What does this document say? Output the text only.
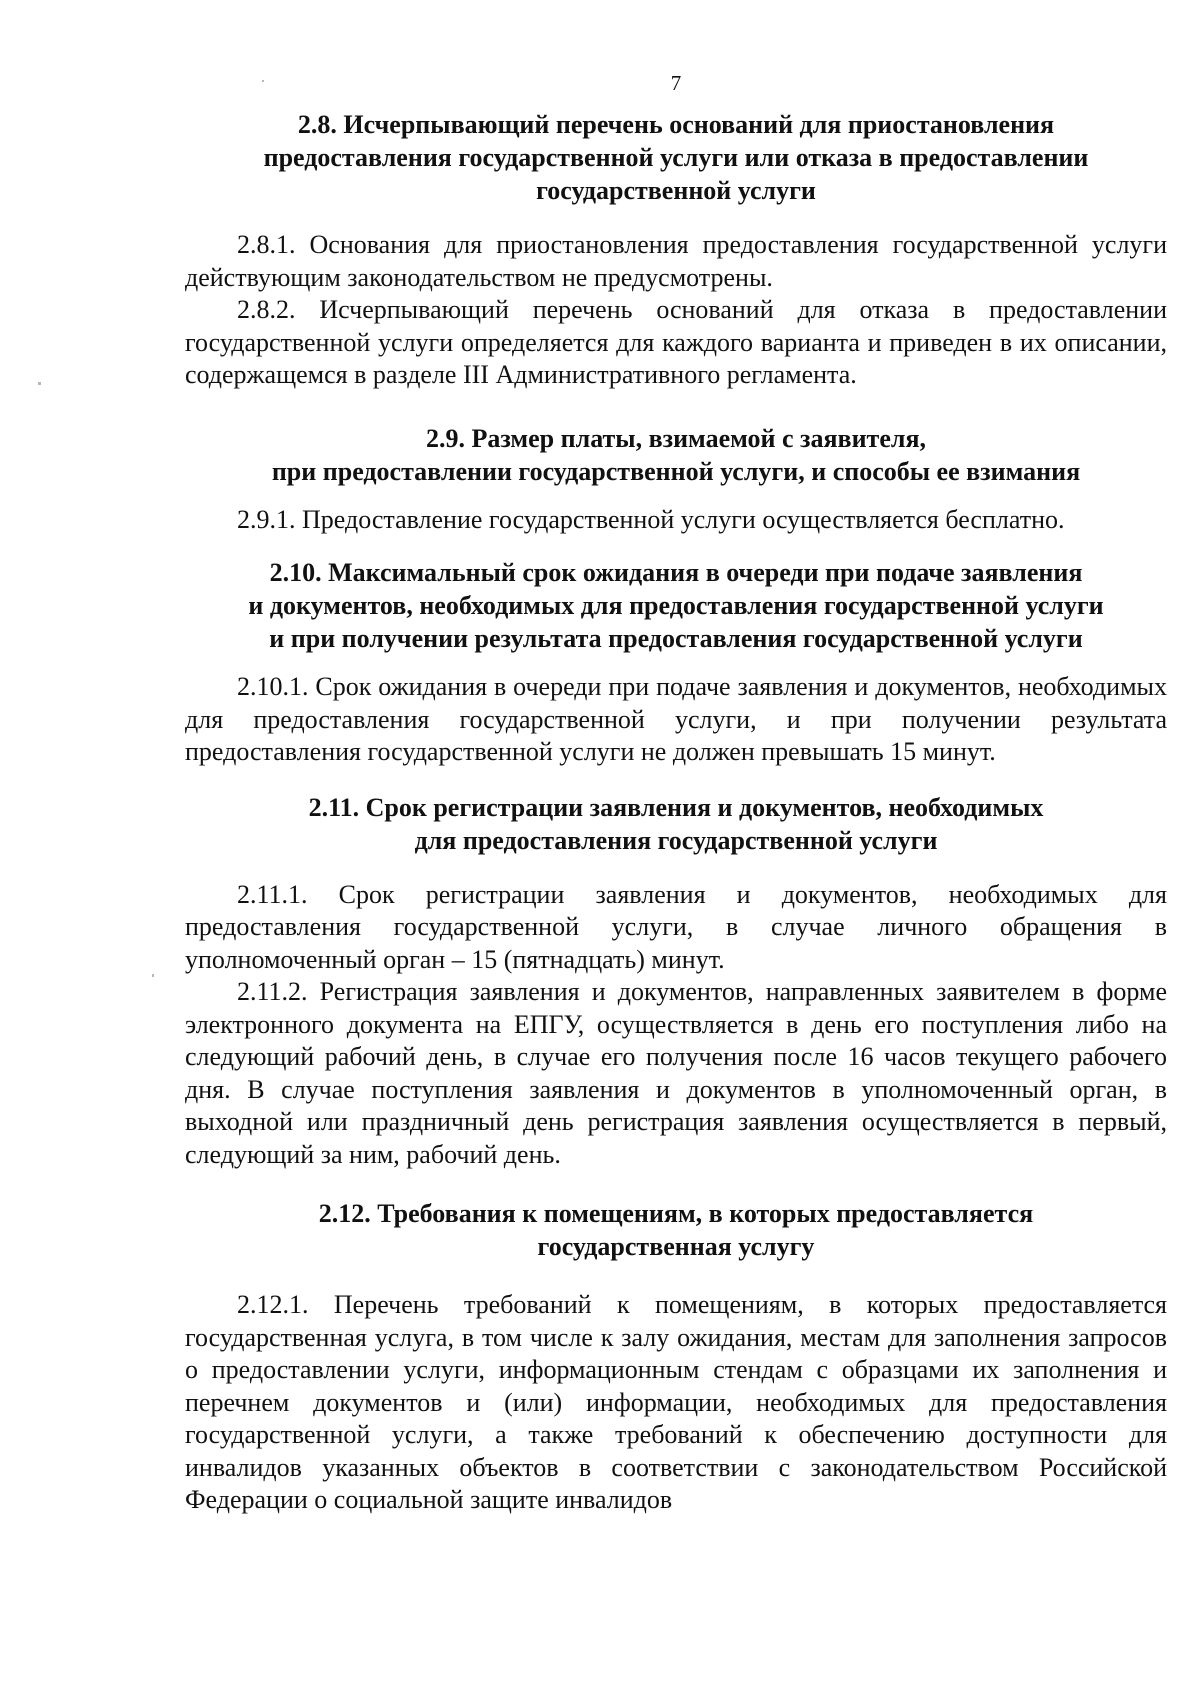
7
2.8. Исчерпывающий перечень оснований для приостановления
предоставления государственной услуги или отказа в предоставлении
государственной услуги

2.8.1. Основания для приостановления предоставления государственной услуги действующим законодательством не предусмотрены.

2.8.2. Исчерпывающий перечень оснований для отказа в предоставлении государственной услуги определяется для каждого варианта и приведен в их описании, содержащемся в разделе III Административного регламента.

2.9. Размер платы, взимаемой с заявителя,
при предоставлении государственной услуги, и способы ее взимания

2.9.1. Предоставление государственной услуги осуществляется бесплатно.

2.10. Максимальный срок ожидания в очереди при подаче заявления
и документов, необходимых для предоставления государственной услуги
и при получении результата предоставления государственной услуги

2.10.1. Срок ожидания в очереди при подаче заявления и документов, необходимых для предоставления государственной услуги, и при получении результата предоставления государственной услуги не должен превышать 15 минут.

2.11. Срок регистрации заявления и документов, необходимых
для предоставления государственной услуги

2.11.1. Срок регистрации заявления и документов, необходимых для предоставления государственной услуги, в случае личного обращения в уполномоченный орган – 15 (пятнадцать) минут.

2.11.2. Регистрация заявления и документов, направленных заявителем в форме электронного документа на ЕПГУ, осуществляется в день его поступления либо на следующий рабочий день, в случае его получения после 16 часов текущего рабочего дня. В случае поступления заявления и документов в уполномоченный орган, в выходной или праздничный день регистрация заявления осуществляется в первый, следующий за ним, рабочий день.

2.12. Требования к помещениям, в которых предоставляется
государственная услугу

2.12.1. Перечень требований к помещениям, в которых предоставляется государственная услуга, в том числе к залу ожидания, местам для заполнения запросов о предоставлении услуги, информационным стендам с образцами их заполнения и перечнем документов и (или) информации, необходимых для предоставления государственной услуги, а также требований к обеспечению доступности для инвалидов указанных объектов в соответствии с законодательством Российской Федерации о социальной защите инвалидов
